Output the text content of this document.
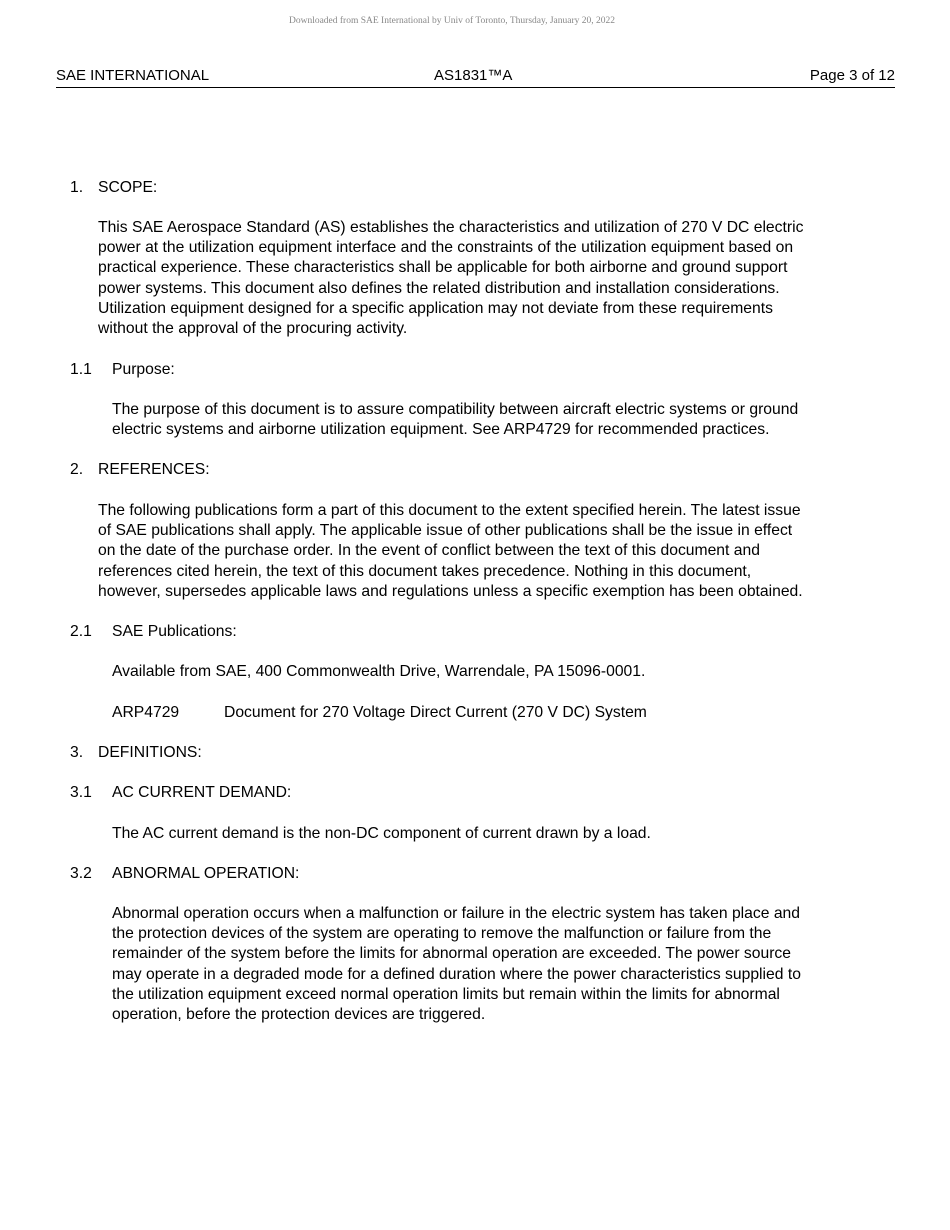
Downloaded from SAE International by Univ of Toronto, Thursday, January 20, 2022
SAE INTERNATIONAL	AS1831™A	Page 3 of 12
1. SCOPE:
This SAE Aerospace Standard (AS) establishes the characteristics and utilization of 270 V DC electric
power at the utilization equipment interface and the constraints of the utilization equipment based on
practical experience. These characteristics shall be applicable for both airborne and ground support
power systems. This document also defines the related distribution and installation considerations.
Utilization equipment designed for a specific application may not deviate from these requirements
without the approval of the procuring activity.
1.1 Purpose:
The purpose of this document is to assure compatibility between aircraft electric systems or ground
electric systems and airborne utilization equipment. See ARP4729 for recommended practices.
2. REFERENCES:
The following publications form a part of this document to the extent specified herein. The latest issue
of SAE publications shall apply. The applicable issue of other publications shall be the issue in effect
on the date of the purchase order. In the event of conflict between the text of this document and
references cited herein, the text of this document takes precedence. Nothing in this document,
however, supersedes applicable laws and regulations unless a specific exemption has been obtained.
2.1 SAE Publications:
Available from SAE, 400 Commonwealth Drive, Warrendale, PA 15096-0001.
ARP4729	Document for 270 Voltage Direct Current (270 V DC) System
3. DEFINITIONS:
3.1 AC CURRENT DEMAND:
The AC current demand is the non-DC component of current drawn by a load.
3.2 ABNORMAL OPERATION:
Abnormal operation occurs when a malfunction or failure in the electric system has taken place and
the protection devices of the system are operating to remove the malfunction or failure from the
remainder of the system before the limits for abnormal operation are exceeded. The power source
may operate in a degraded mode for a defined duration where the power characteristics supplied to
the utilization equipment exceed normal operation limits but remain within the limits for abnormal
operation, before the protection devices are triggered.
